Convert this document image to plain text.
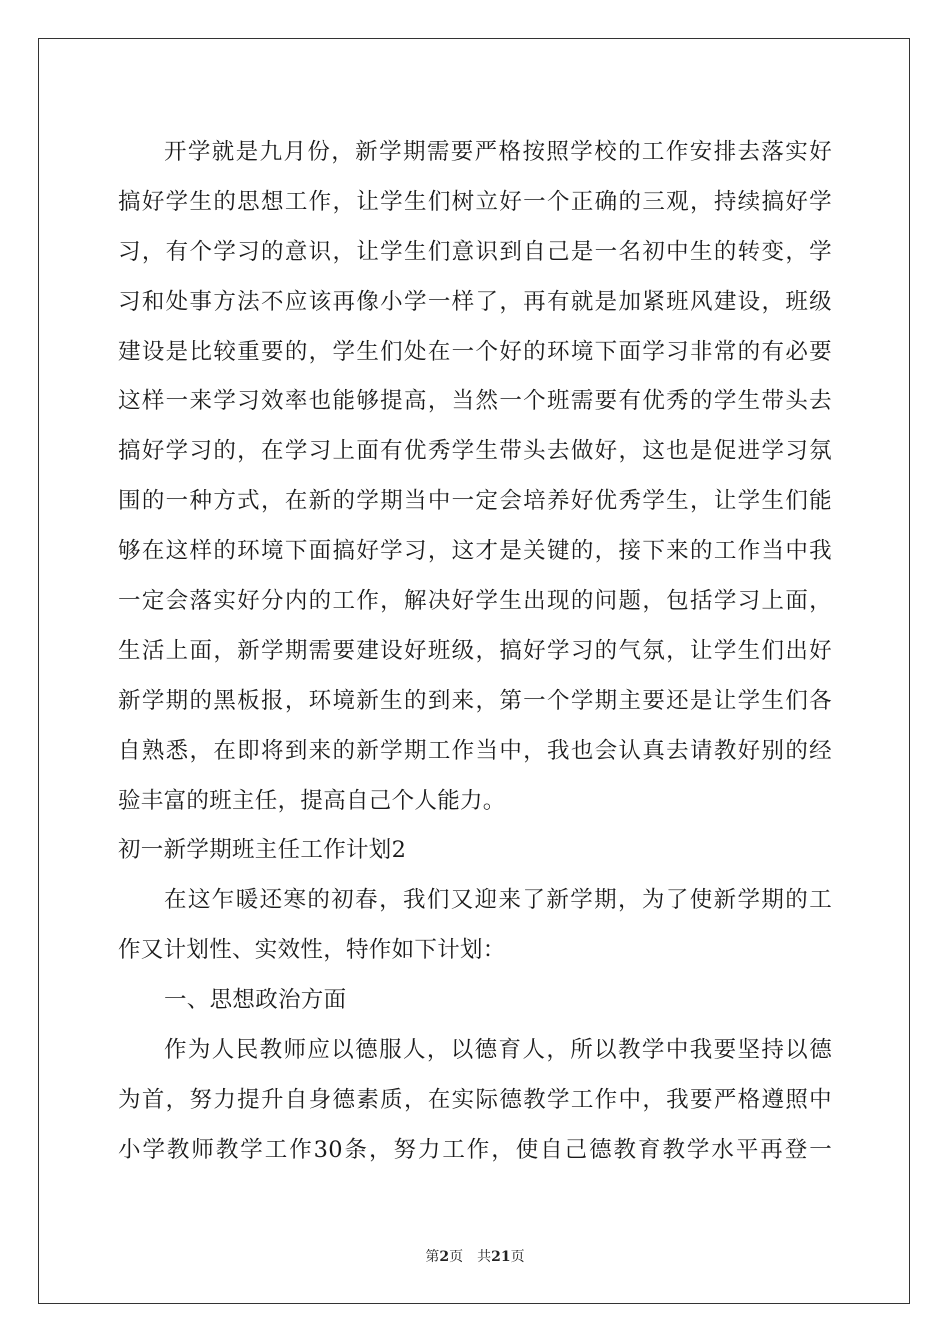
开学就是九月份，新学期需要严格按照学校的工作安排去落实好
搞好学生的思想工作，让学生们树立好一个正确的三观，持续搞好学
习，有个学习的意识，让学生们意识到自己是一名初中生的转变，学
习和处事方法不应该再像小学一样了，再有就是加紧班风建设，班级
建设是比较重要的，学生们处在一个好的环境下面学习非常的有必要
这样一来学习效率也能够提高，当然一个班需要有优秀的学生带头去
搞好学习的，在学习上面有优秀学生带头去做好，这也是促进学习氛
围的一种方式，在新的学期当中一定会培养好优秀学生，让学生们能
够在这样的环境下面搞好学习，这才是关键的，接下来的工作当中我
一定会落实好分内的工作，解决好学生出现的问题，包括学习上面，
生活上面，新学期需要建设好班级，搞好学习的气氛，让学生们出好
新学期的黑板报，环境新生的到来，第一个学期主要还是让学生们各
自熟悉，在即将到来的新学期工作当中，我也会认真去请教好别的经
验丰富的班主任，提高自己个人能力。
初一新学期班主任工作计划2
在这乍暖还寒的初春，我们又迎来了新学期，为了使新学期的工
作又计划性、实效性，特作如下计划：
一、思想政治方面
作为人民教师应以德服人，以德育人，所以教学中我要坚持以德
为首，努力提升自身德素质，在实际德教学工作中，我要严格遵照中
小学教师教学工作30条，努力工作，使自己德教育教学水平再登一
第2页　共21页
